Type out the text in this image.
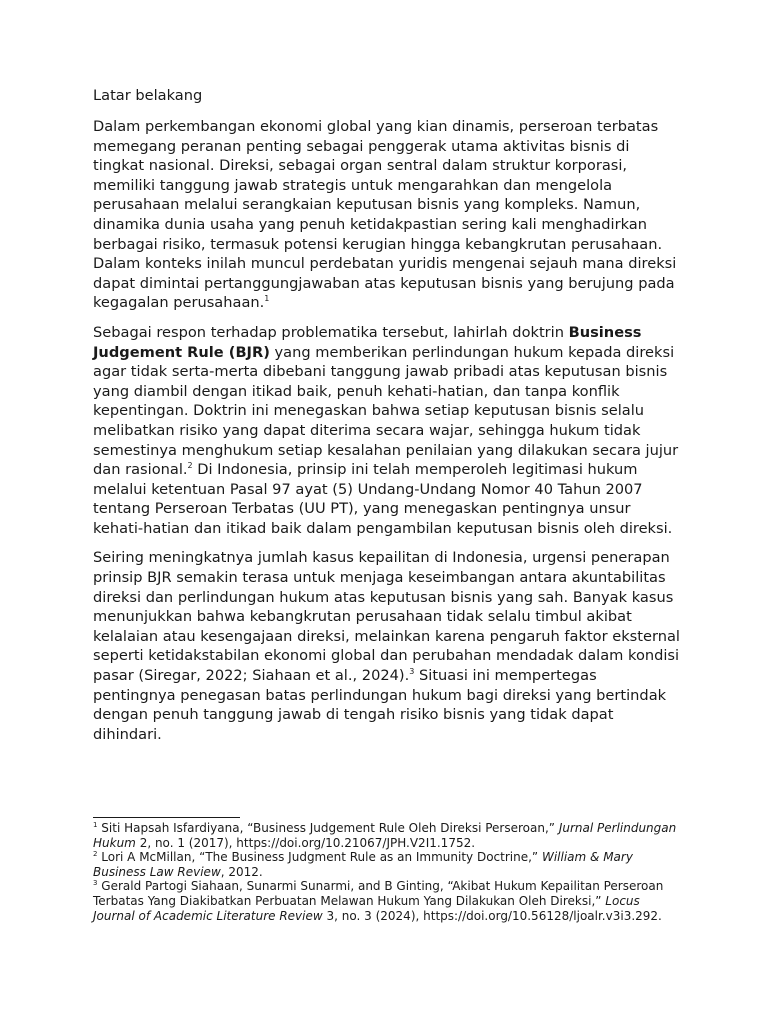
Latar belakang

Dalam perkembangan ekonomi global yang kian dinamis, perseroan terbatas memegang peranan penting sebagai penggerak utama aktivitas bisnis di tingkat nasional. Direksi, sebagai organ sentral dalam struktur korporasi, memiliki tanggung jawab strategis untuk mengarahkan dan mengelola perusahaan melalui serangkaian keputusan bisnis yang kompleks. Namun, dinamika dunia usaha yang penuh ketidakpastian sering kali menghadirkan berbagai risiko, termasuk potensi kerugian hingga kebangkrutan perusahaan. Dalam konteks inilah muncul perdebatan yuridis mengenai sejauh mana direksi dapat dimintai pertanggungjawaban atas keputusan bisnis yang berujung pada kegagalan perusahaan.$^1$

Sebagai respon terhadap problematika tersebut, lahirlah doktrin Business Judgement Rule (BJR) yang memberikan perlindungan hukum kepada direksi agar tidak serta-merta dibebani tanggung jawab pribadi atas keputusan bisnis yang diambil dengan itikad baik, penuh kehati-hatian, dan tanpa konflik kepentingan. Doktrin ini menegaskan bahwa setiap keputusan bisnis selalu melibatkan risiko yang dapat diterima secara wajar, sehingga hukum tidak semestinya menghukum setiap kesalahan penilaian yang dilakukan secara jujur dan rasional.$^2$ Di Indonesia, prinsip ini telah memperoleh legitimasi hukum melalui ketentuan Pasal 97 ayat (5) Undang-Undang Nomor 40 Tahun 2007 tentang Perseroan Terbatas (UU PT), yang menegaskan pentingnya unsur kehati-hatian dan itikad baik dalam pengambilan keputusan bisnis oleh direksi.

Seiring meningkatnya jumlah kasus kepailitan di Indonesia, urgensi penerapan prinsip BJR semakin terasa untuk menjaga keseimbangan antara akuntabilitas direksi dan perlindungan hukum atas keputusan bisnis yang sah. Banyak kasus menunjukkan bahwa kebangkrutan perusahaan tidak selalu timbul akibat kelalaian atau kesengajaan direksi, melainkan karena pengaruh faktor eksternal seperti ketidakstabilan ekonomi global dan perubahan mendadak dalam kondisi pasar (Siregar, 2022; Siahaan et al., 2024).$^3$ Situasi ini mempertegas pentingnya penegasan batas perlindungan hukum bagi direksi yang bertindak dengan penuh tanggung jawab di tengah risiko bisnis yang tidak dapat dihindari.

$^1$ Siti Hapsah Isfardiyana, “Business Judgement Rule Oleh Direksi Perseroan,” Jurnal Perlindungan Hukum 2, no. 1 (2017), https://doi.org/10.21067/JPH.V2I1.1752.
$^2$ Lori A McMillan, “The Business Judgment Rule as an Immunity Doctrine,” William & Mary Business Law Review, 2012.
$^3$ Gerald Partogi Siahaan, Sunarmi Sunarmi, and B Ginting, “Akibat Hukum Kepailitan Perseroan Terbatas Yang Diakibatkan Perbuatan Melawan Hukum Yang Dilakukan Oleh Direksi,” Locus Journal of Academic Literature Review 3, no. 3 (2024), https://doi.org/10.56128/ljoalr.v3i3.292.
